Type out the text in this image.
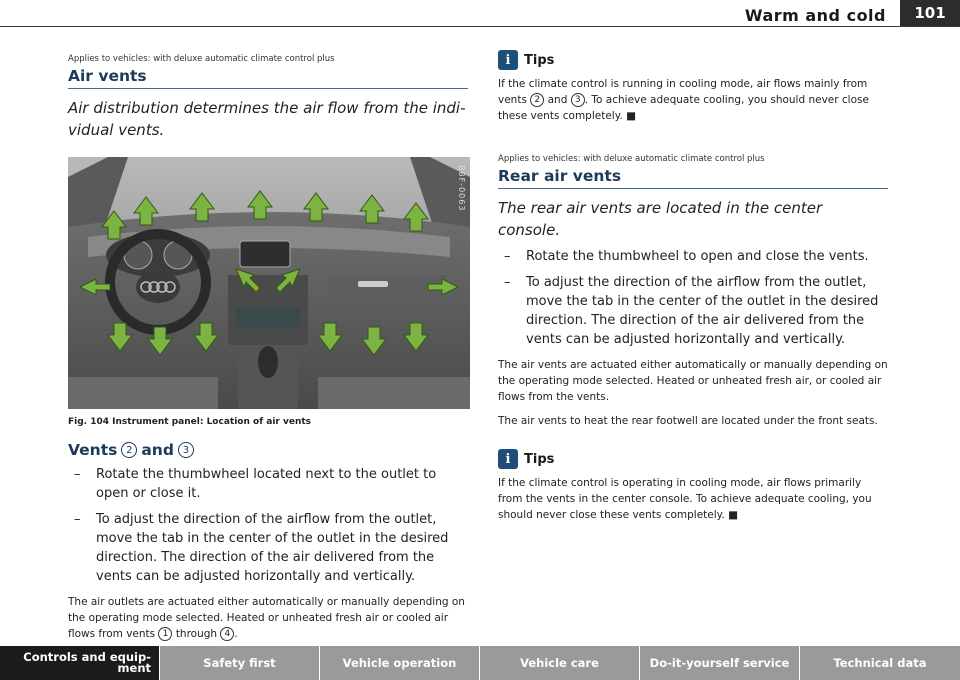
Warm and cold	101
Applies to vehicles: with deluxe automatic climate control plus
Air vents
Air distribution determines the air flow from the indi-vidual vents.
B8F-0063
Fig. 104 Instrument panel: Location of air vents
Vents 2 and 3
– Rotate the thumbwheel located next to the outlet to open or close it.
– To adjust the direction of the airflow from the outlet, move the tab in the center of the outlet in the desired direction. The direction of the air delivered from the vents can be adjusted horizontally and vertically.
The air outlets are actuated either automatically or manually depending on the operating mode selected. Heated or unheated fresh air or cooled air flows from vents 1 through 4 .
i	Tips
If the climate control is running in cooling mode, air flows mainly from vents 2 and 3 . To achieve adequate cooling, you should never close these vents completely. ■
Applies to vehicles: with deluxe automatic climate control plus
Rear air vents
The rear air vents are located in the center console.
– Rotate the thumbwheel to open and close the vents.
– To adjust the direction of the airflow from the outlet, move the tab in the center of the outlet in the desired direction. The direction of the air delivered from the vents can be adjusted horizontally and vertically.
The air vents are actuated either automatically or manually depending on the operating mode selected. Heated or unheated fresh air, or cooled air flows from the vents.
The air vents to heat the rear footwell are located under the front seats.
i	Tips
If the climate control is operating in cooling mode, air flows primarily from the vents in the center console. To achieve adequate cooling, you should never close these vents completely. ■
Controls and equip-ment	Safety first	Vehicle operation	Vehicle care	Do-it-yourself service	Technical data
